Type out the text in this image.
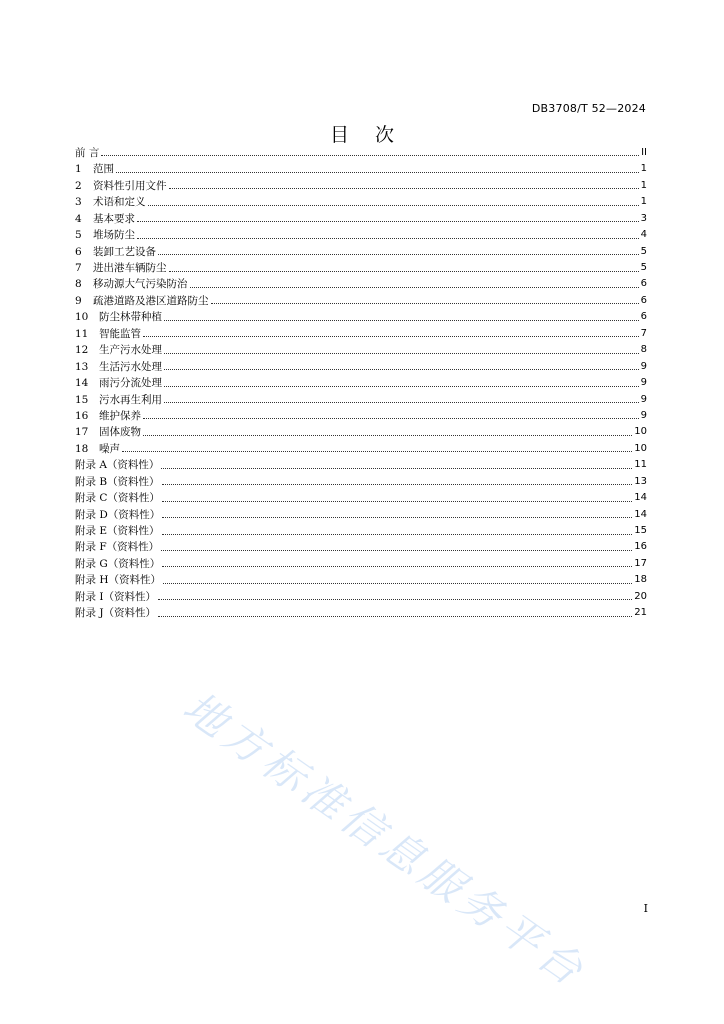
DB3708/T 52—2024
目 次
前 言	II
1	范围	1
2	资料性引用文件	1
3	术语和定义	1
4	基本要求	3
5	堆场防尘	4
6	装卸工艺设备	5
7	进出港车辆防尘	5
8	移动源大气污染防治	6
9	疏港道路及港区道路防尘	6
10	防尘林带种植	6
11	智能监管	7
12	生产污水处理	8
13	生活污水处理	9
14	雨污分流处理	9
15	污水再生利用	9
16	维护保养	9
17	固体废物	10
18	噪声	10
附录 A （资料性）	11
附录 B （资料性）	13
附录 C （资料性）	14
附录 D （资料性）	14
附录 E （资料性）	15
附录 F （资料性）	16
附录 G （资料性）	17
附录 H （资料性）	18
附录 I （资料性）	20
附录 J （资料性）	21
I
地方标准信息服务平台
